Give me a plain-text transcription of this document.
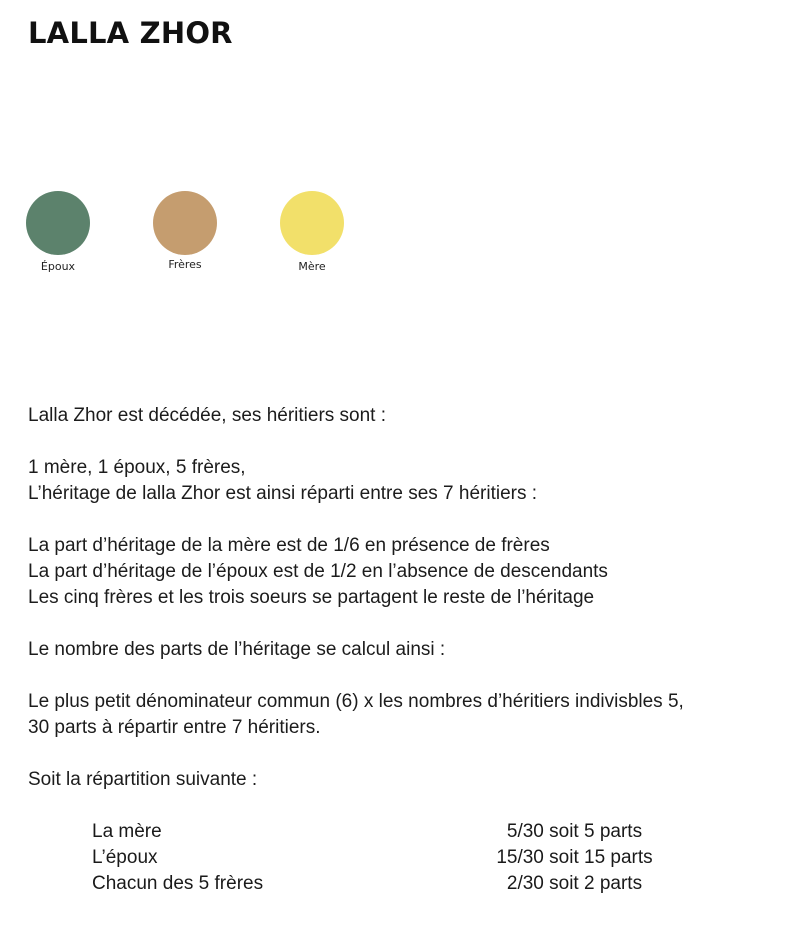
LALLA ZHOR
Époux	Frères	Mère

Lalla Zhor est décédée, ses héritiers sont :

1 mère, 1 époux, 5 frères,

L’héritage de lalla Zhor est ainsi réparti entre ses 7 héritiers :

La part d’héritage de la mère est de 1/6 en présence de frères

La part d’héritage de l’époux est de 1/2 en l’absence de descendants

Les cinq frères et les trois soeurs se partagent le reste de l’héritage

Le nombre des parts de l’héritage se calcul ainsi :

Le plus petit dénominateur commun (6) x les nombres d’héritiers indivisbles 5,

30 parts à répartir entre 7 héritiers.

Soit la répartition suivante :

La mère	5/30 soit 5 parts
L’époux	15/30 soit 15 parts
Chacun des 5 frères	2/30 soit 2 parts
